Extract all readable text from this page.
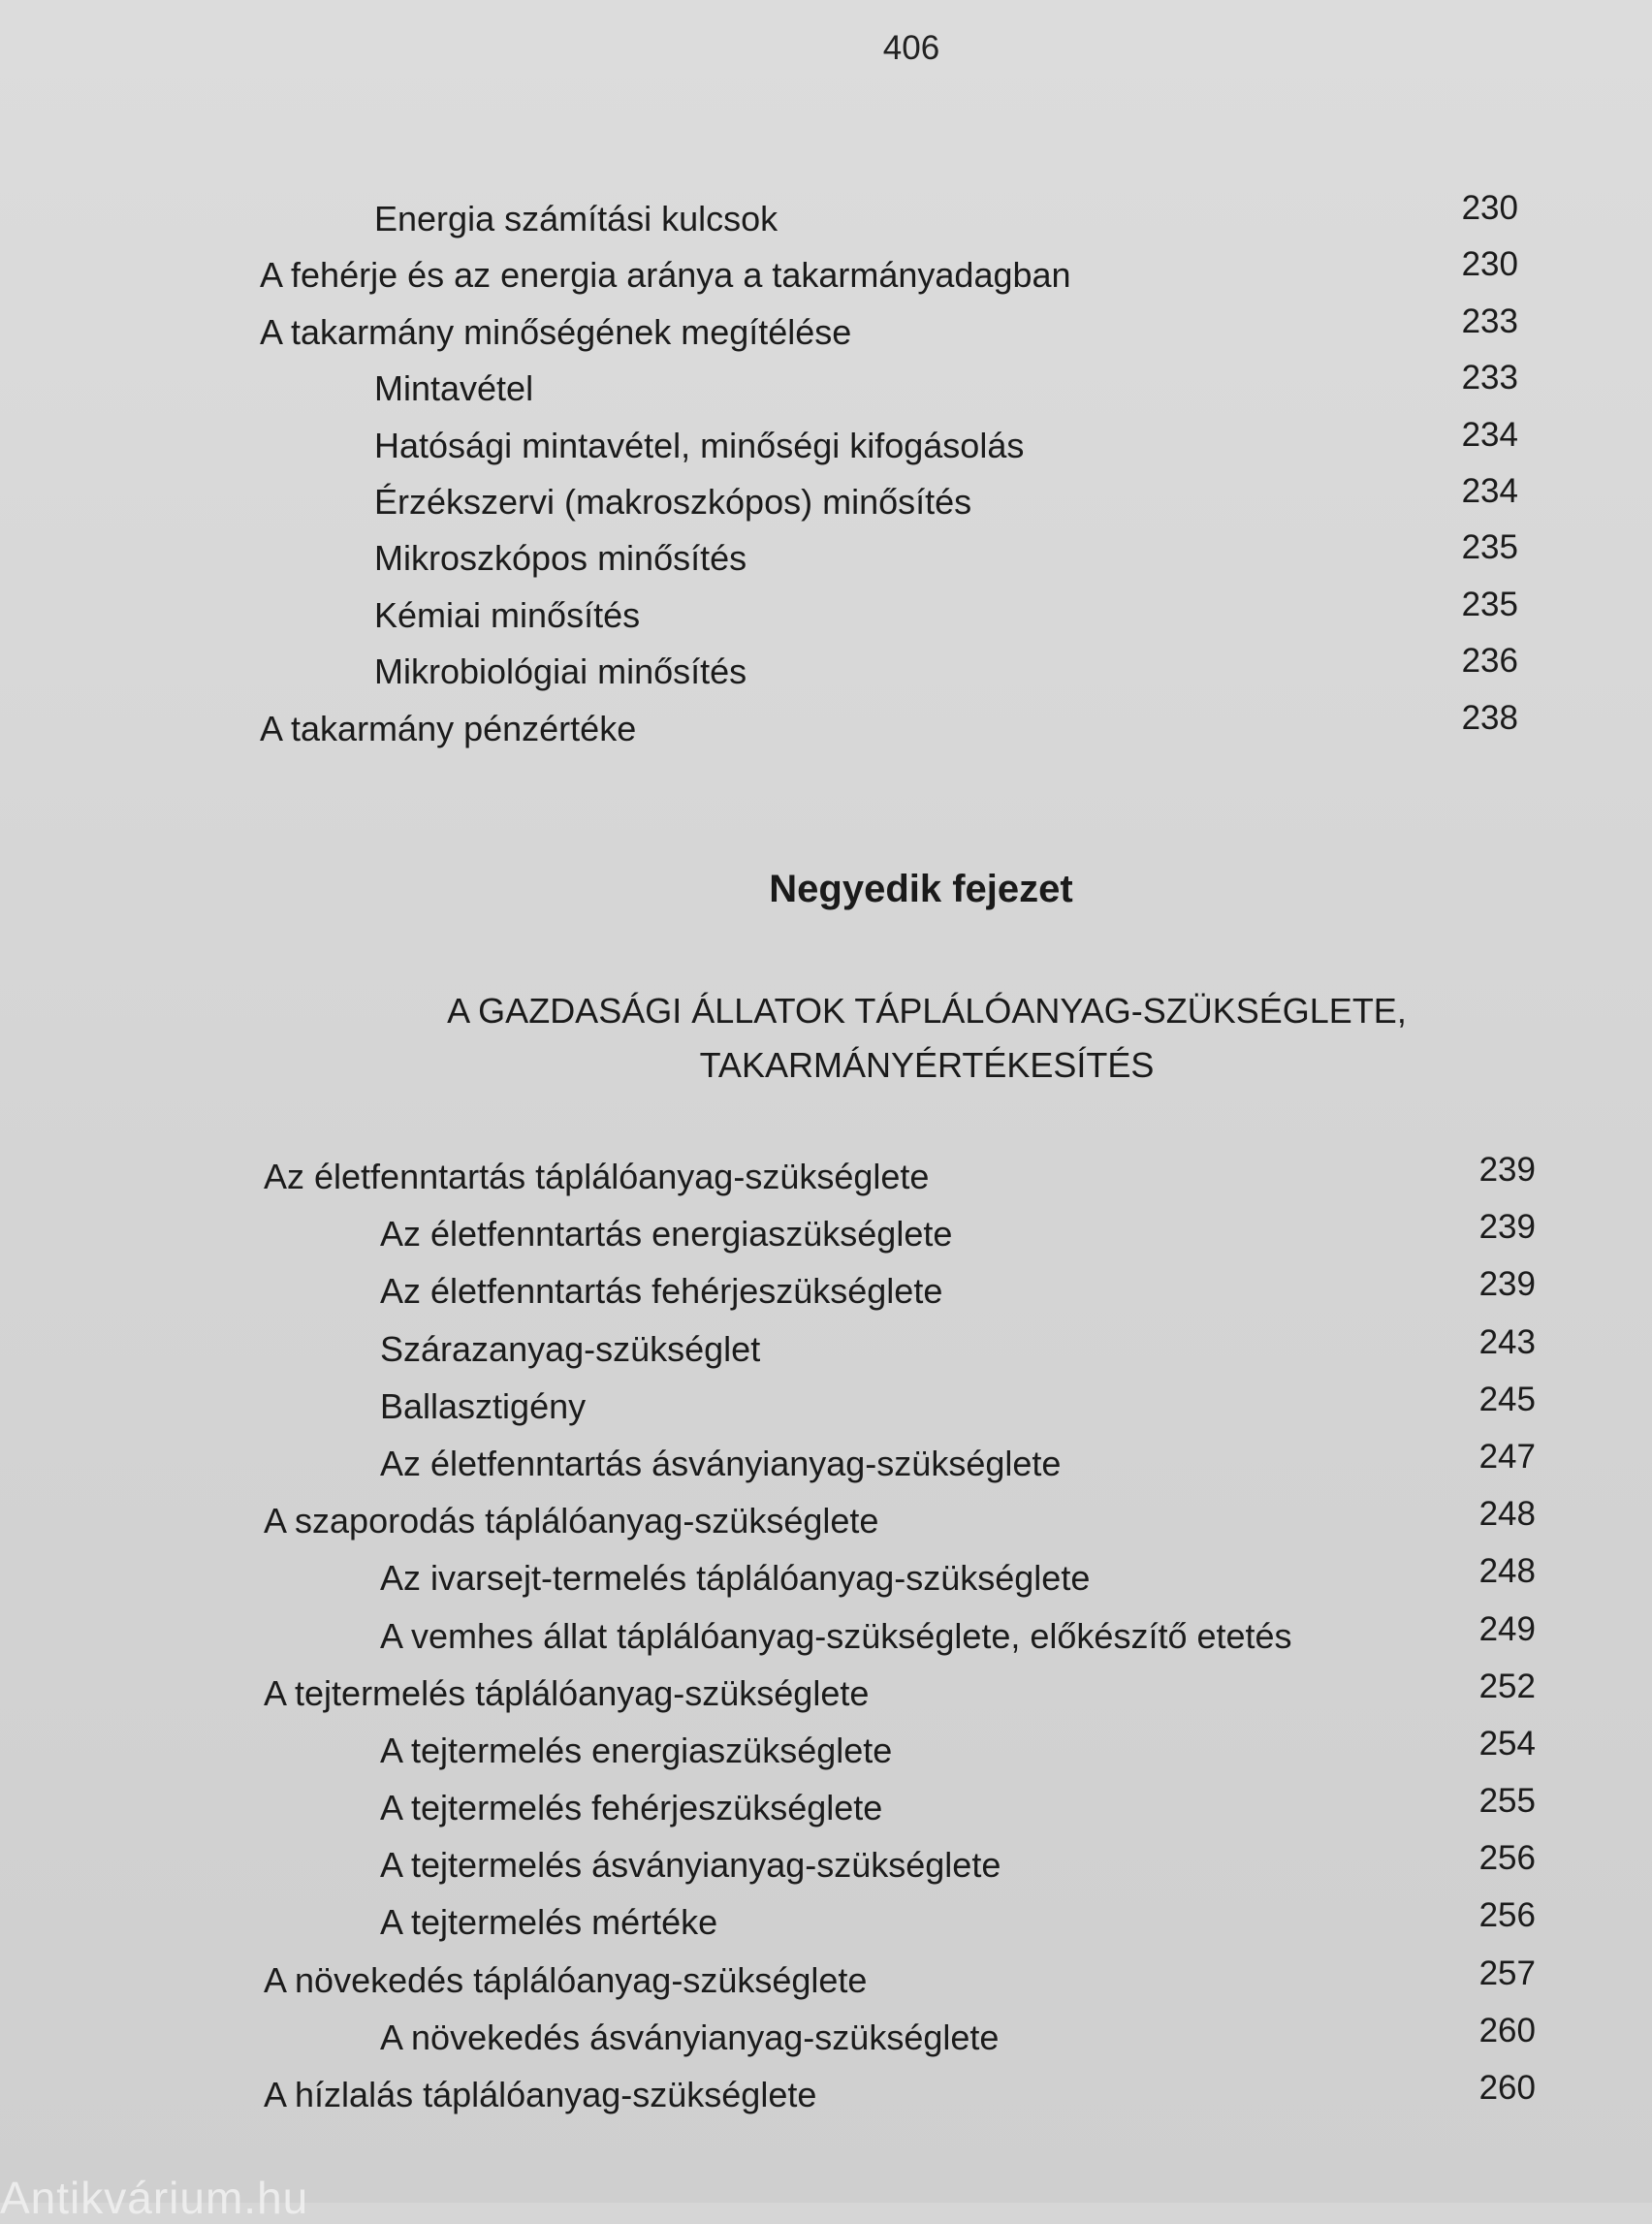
406
Energia számítási kulcsok	230
A fehérje és az energia aránya a takarmányadagban	230
A takarmány minőségének megítélése	233
Mintavétel	233
Hatósági mintavétel, minőségi kifogásolás	234
Érzékszervi (makroszkópos) minősítés	234
Mikroszkópos minősítés	235
Kémiai minősítés	235
Mikrobiológiai minősítés	236
A takarmány pénzértéke	238
Negyedik fejezet
A GAZDASÁGI ÁLLATOK TÁPLÁLÓANYAG-SZÜKSÉGLETE,
TAKARMÁNYÉRTÉKESÍTÉS
Az életfenntartás táplálóanyag-szükséglete	239
Az életfenntartás energiaszükséglete	239
Az életfenntartás fehérjeszükséglete	239
Szárazanyag-szükséglet	243
Ballasztigény	245
Az életfenntartás ásványianyag-szükséglete	247
A szaporodás táplálóanyag-szükséglete	248
Az ivarsejt-termelés táplálóanyag-szükséglete	248
A vemhes állat táplálóanyag-szükséglete, előkészítő etetés	249
A tejtermelés táplálóanyag-szükséglete	252
A tejtermelés energiaszükséglete	254
A tejtermelés fehérjeszükséglete	255
A tejtermelés ásványianyag-szükséglete	256
A tejtermelés mértéke	256
A növekedés táplálóanyag-szükséglete	257
A növekedés ásványianyag-szükséglete	260
A hízlalás táplálóanyag-szükséglete	260
Antikvárium.hu
